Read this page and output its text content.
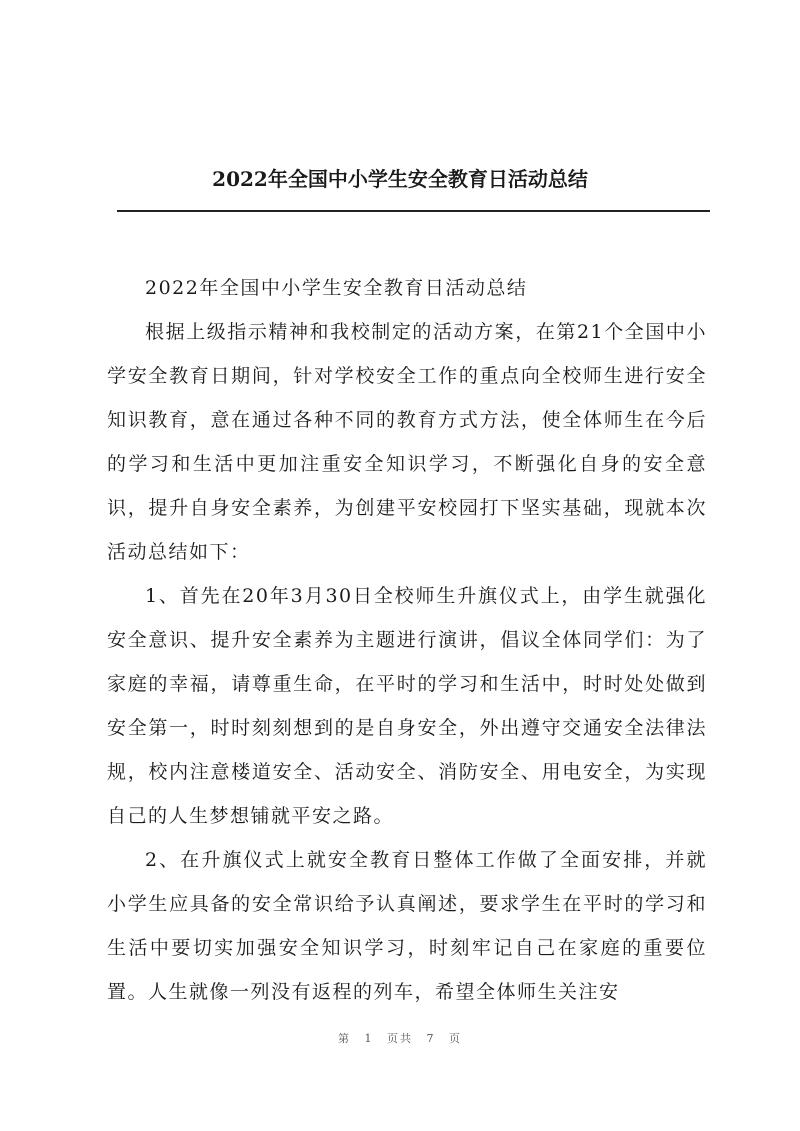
2022年全国中小学生安全教育日活动总结

2022年全国中小学生安全教育日活动总结

根据上级指示精神和我校制定的活动方案，在第21个全国中小学安全教育日期间，针对学校安全工作的重点向全校师生进行安全知识教育，意在通过各种不同的教育方式方法，使全体师生在今后的学习和生活中更加注重安全知识学习，不断强化自身的安全意识，提升自身安全素养，为创建平安校园打下坚实基础，现就本次活动总结如下：

1、首先在20年3月30日全校师生升旗仪式上，由学生就强化安全意识、提升安全素养为主题进行演讲，倡议全体同学们：为了家庭的幸福，请尊重生命，在平时的学习和生活中，时时处处做到安全第一，时时刻刻想到的是自身安全，外出遵守交通安全法律法规，校内注意楼道安全、活动安全、消防安全、用电安全，为实现自己的人生梦想铺就平安之路。

2、在升旗仪式上就安全教育日整体工作做了全面安排，并就小学生应具备的安全常识给予认真阐述，要求学生在平时的学习和生活中要切实加强安全知识学习，时刻牢记自己在家庭的重要位置。人生就像一列没有返程的列车，希望全体师生关注安

第 1 页共 7 页
